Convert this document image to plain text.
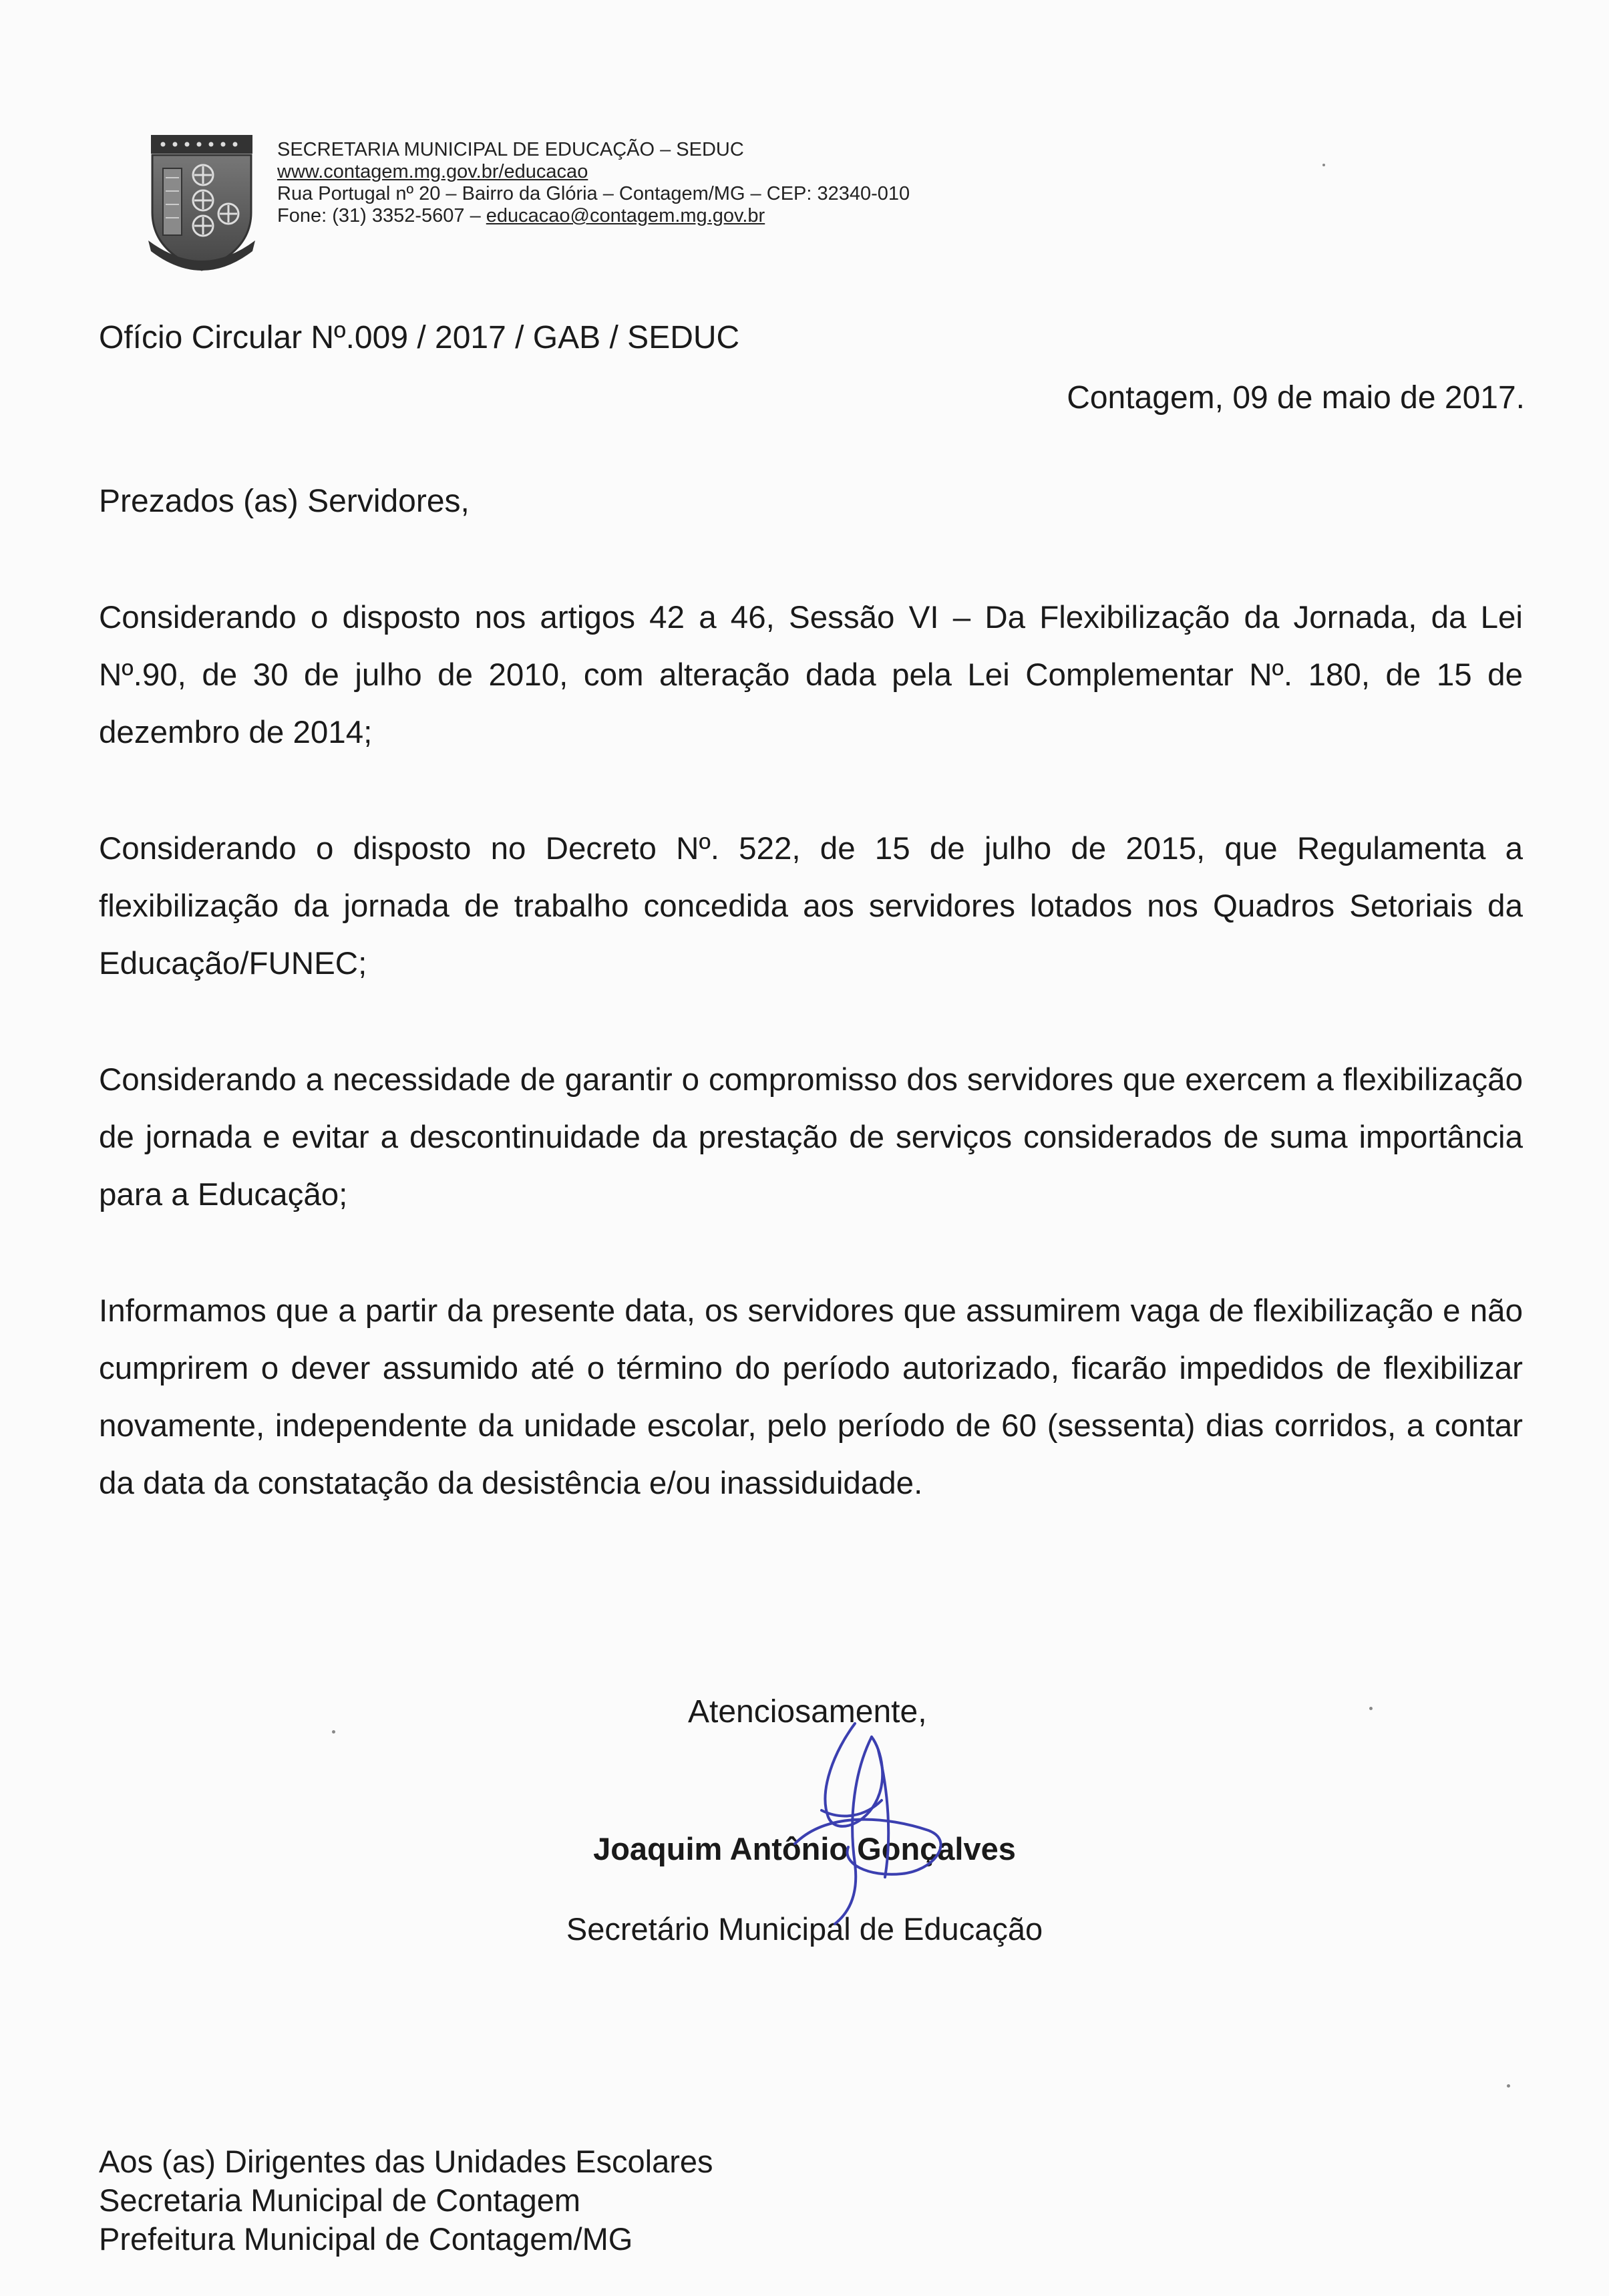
SECRETARIA MUNICIPAL DE EDUCAÇÃO – SEDUC
www.contagem.mg.gov.br/educacao
Rua Portugal nº 20 – Bairro da Glória – Contagem/MG – CEP: 32340-010
Fone: (31) 3352-5607 – educacao@contagem.mg.gov.br
Ofício Circular Nº.009 / 2017 / GAB / SEDUC
Contagem, 09 de maio de 2017.
Prezados (as) Servidores,
Considerando o disposto nos artigos 42 a 46, Sessão VI – Da Flexibilização da Jornada, da Lei Nº.90, de 30 de julho de 2010, com alteração dada pela Lei Complementar Nº. 180, de 15 de dezembro de 2014;
Considerando o disposto no Decreto Nº. 522, de 15 de julho de 2015, que Regulamenta a flexibilização da jornada de trabalho concedida aos servidores lotados nos Quadros Setoriais da Educação/FUNEC;
Considerando a necessidade de garantir o compromisso dos servidores que exercem a flexibilização de jornada e evitar a descontinuidade da prestação de serviços considerados de suma importância para a Educação;
Informamos que a partir da presente data, os servidores que assumirem vaga de flexibilização e não cumprirem o dever assumido até o término do período autorizado, ficarão impedidos de flexibilizar novamente, independente da unidade escolar, pelo período de 60 (sessenta) dias corridos, a contar da data da constatação da desistência e/ou inassiduidade.
Atenciosamente,
Joaquim Antônio Gonçalves
Secretário Municipal de Educação
Aos (as) Dirigentes das Unidades Escolares
Secretaria Municipal de Contagem
Prefeitura Municipal de Contagem/MG
